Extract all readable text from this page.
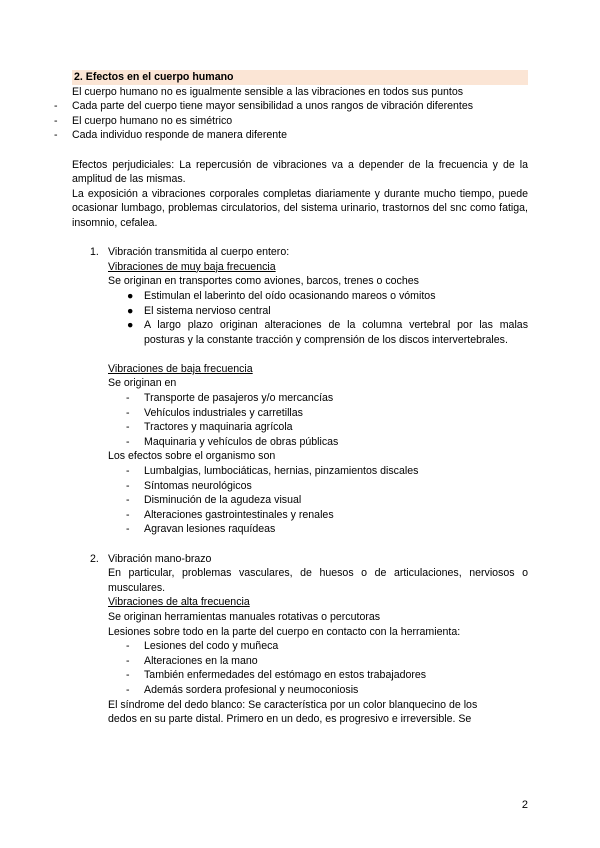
2. Efectos en el cuerpo humano

El cuerpo humano no es igualmente sensible a las vibraciones en todos sus puntos

- Cada parte del cuerpo tiene mayor sensibilidad a unos rangos de vibración diferentes
- El cuerpo humano no es simétrico
- Cada individuo responde de manera diferente

Efectos perjudiciales: La repercusión de vibraciones va a depender de la frecuencia y de la amplitud de las mismas.

La exposición a vibraciones corporales completas diariamente y durante mucho tiempo, puede ocasionar lumbago, problemas circulatorios, del sistema urinario, trastornos del snc como fatiga, insomnio, cefalea.

1. Vibración transmitida al cuerpo entero:

Vibraciones de muy baja frecuencia

Se originan en transportes como aviones, barcos, trenes o coches

● Estimulan el laberinto del oído ocasionando mareos o vómitos
● El sistema nervioso central
● A largo plazo originan alteraciones de la columna vertebral por las malas posturas y la constante tracción y comprensión de los discos intervertebrales.

Vibraciones de baja frecuencia

Se originan en

- Transporte de pasajeros y/o mercancías
- Vehículos industriales y carretillas
- Tractores y maquinaria agrícola
- Maquinaria y vehículos de obras públicas

Los efectos sobre el organismo son

- Lumbalgias, lumbociáticas, hernias, pinzamientos discales
- Síntomas neurológicos
- Disminución de la agudeza visual
- Alteraciones gastrointestinales y renales
- Agravan lesiones raquídeas
2. Vibración mano-brazo

En particular, problemas vasculares, de huesos o de articulaciones, nerviosos o musculares.

Vibraciones de alta frecuencia

Se originan herramientas manuales rotativas o percutoras

Lesiones sobre todo en la parte del cuerpo en contacto con la herramienta:

- Lesiones del codo y muñeca
- Alteraciones en la mano
- También enfermedades del estómago en estos trabajadores
- Además sordera profesional y neumoconiosis

El síndrome del dedo blanco: Se característica por un color blanquecino de los

dedos en su parte distal. Primero en un dedo, es progresivo e irreversible. Se

2
